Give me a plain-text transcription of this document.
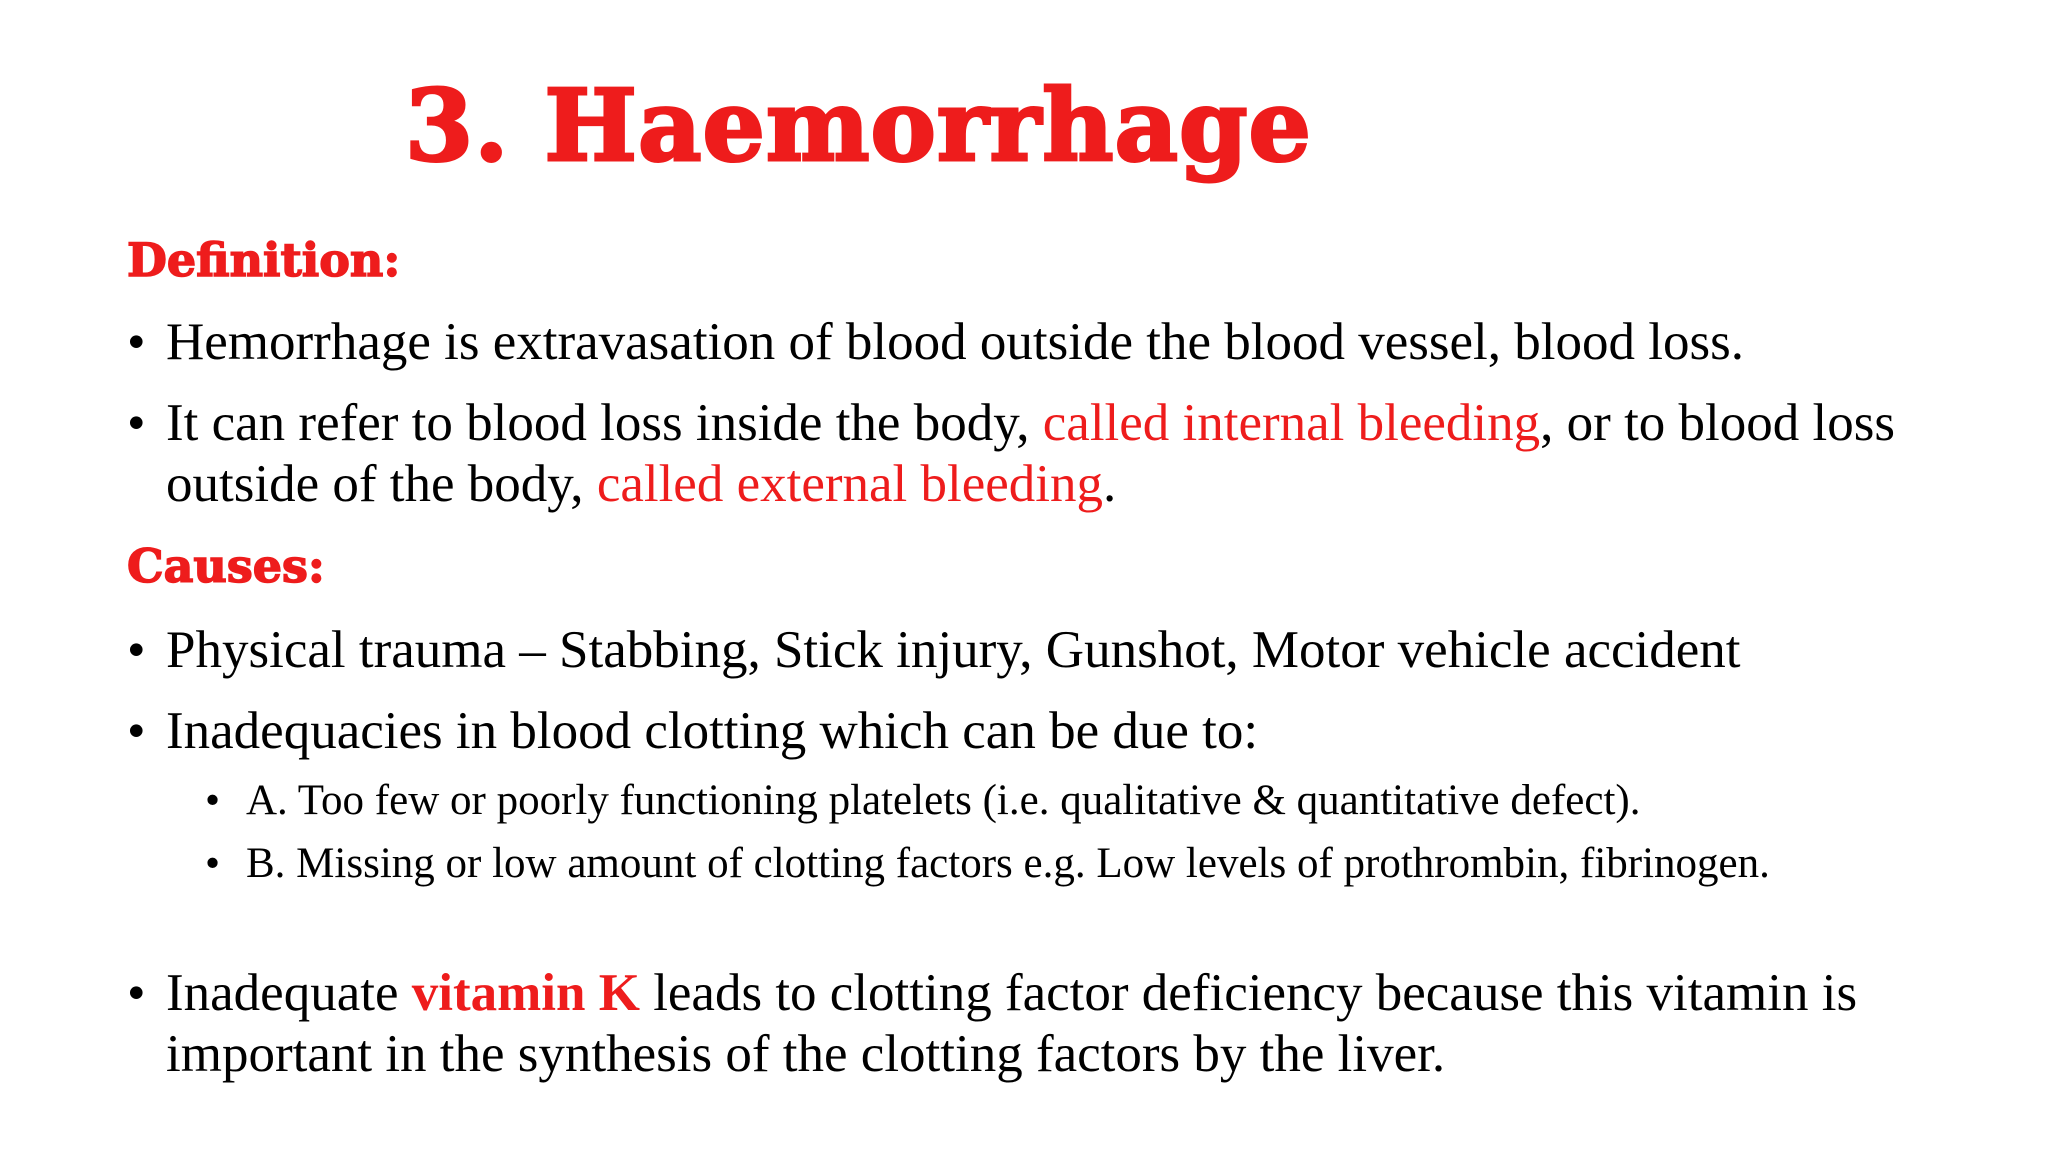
3. Haemorrhage
Definition:
• Hemorrhage is extravasation of blood outside the blood vessel, blood loss.
• It can refer to blood loss inside the body, called internal bleeding, or to blood loss outside of the body, called external bleeding.
Causes:
• Physical trauma – Stabbing, Stick injury, Gunshot, Motor vehicle accident
• Inadequacies in blood clotting which can be due to:
• A. Too few or poorly functioning platelets (i.e. qualitative & quantitative defect).
• B. Missing or low amount of clotting factors e.g. Low levels of prothrombin, fibrinogen.
• Inadequate vitamin K leads to clotting factor deficiency because this vitamin is important in the synthesis of the clotting factors by the liver.
